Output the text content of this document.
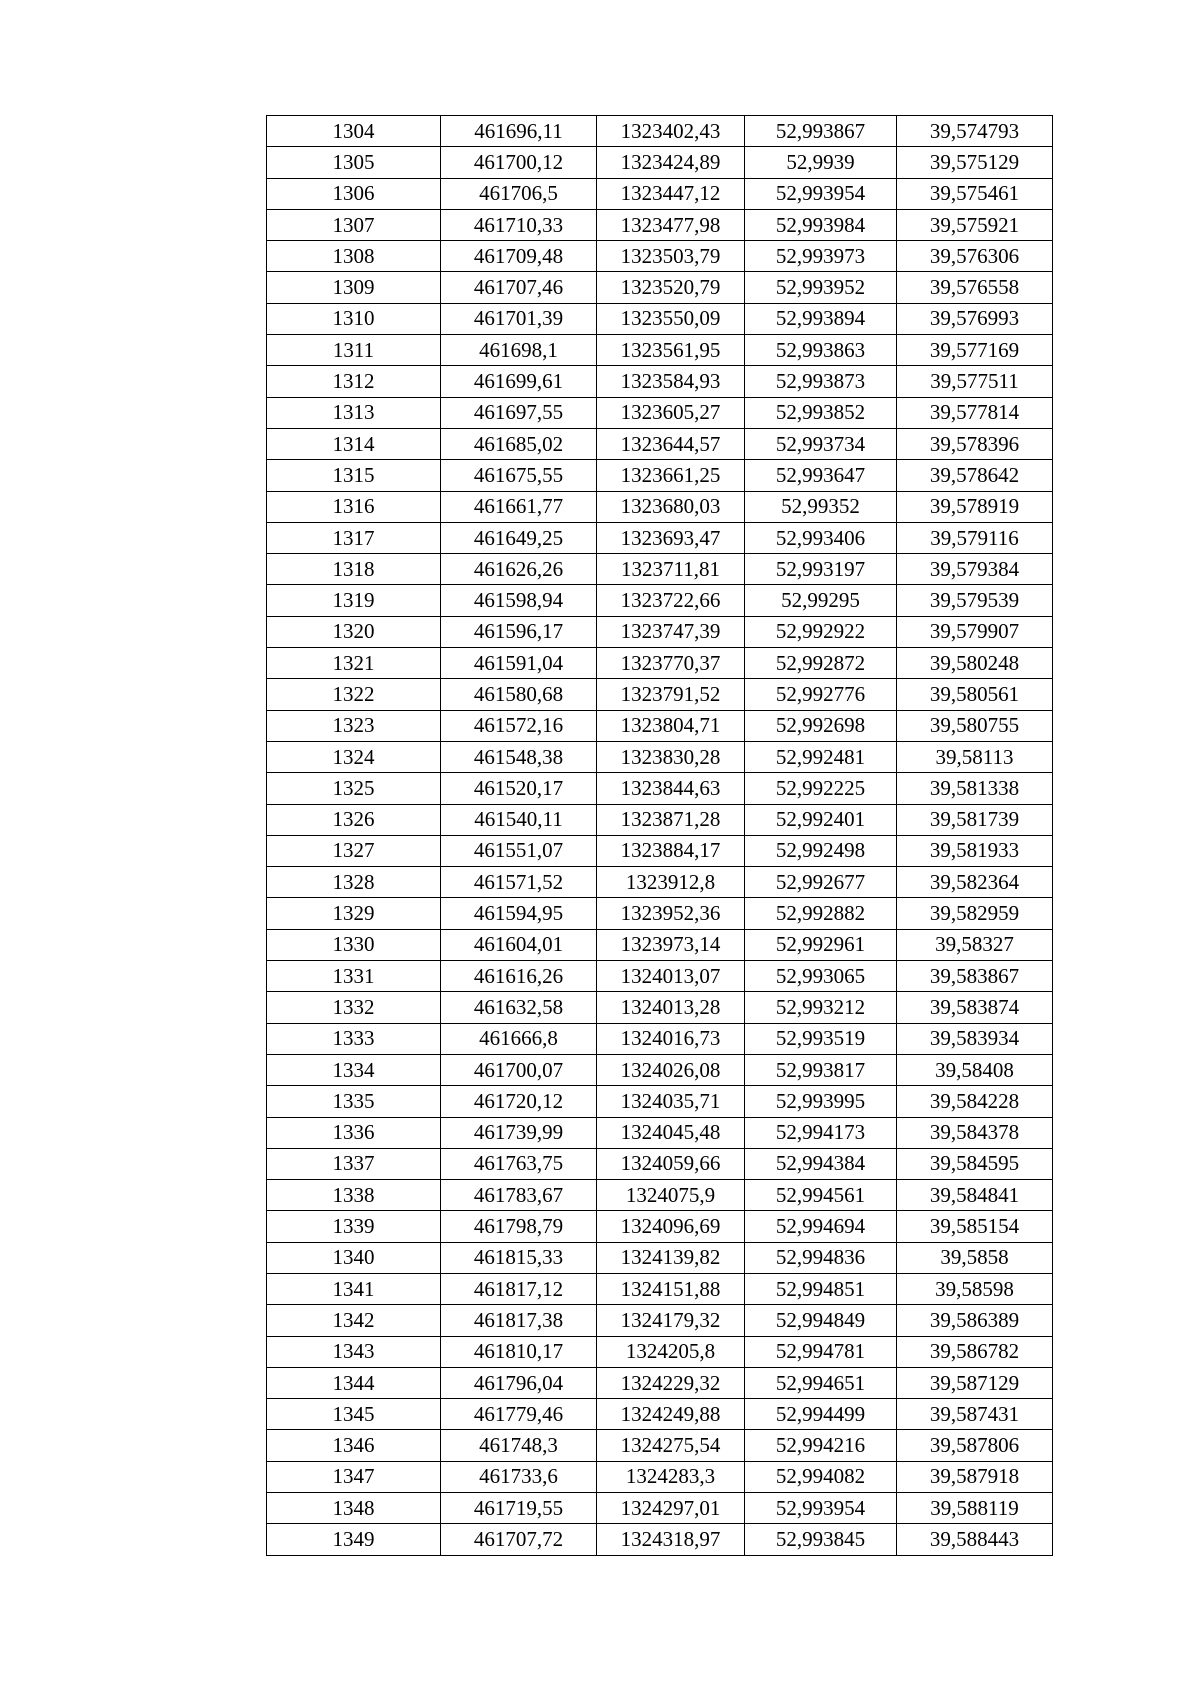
1304	461696,11	1323402,43	52,993867	39,574793
1305	461700,12	1323424,89	52,9939	39,575129
1306	461706,5	1323447,12	52,993954	39,575461
1307	461710,33	1323477,98	52,993984	39,575921
1308	461709,48	1323503,79	52,993973	39,576306
1309	461707,46	1323520,79	52,993952	39,576558
1310	461701,39	1323550,09	52,993894	39,576993
1311	461698,1	1323561,95	52,993863	39,577169
1312	461699,61	1323584,93	52,993873	39,577511
1313	461697,55	1323605,27	52,993852	39,577814
1314	461685,02	1323644,57	52,993734	39,578396
1315	461675,55	1323661,25	52,993647	39,578642
1316	461661,77	1323680,03	52,99352	39,578919
1317	461649,25	1323693,47	52,993406	39,579116
1318	461626,26	1323711,81	52,993197	39,579384
1319	461598,94	1323722,66	52,99295	39,579539
1320	461596,17	1323747,39	52,992922	39,579907
1321	461591,04	1323770,37	52,992872	39,580248
1322	461580,68	1323791,52	52,992776	39,580561
1323	461572,16	1323804,71	52,992698	39,580755
1324	461548,38	1323830,28	52,992481	39,58113
1325	461520,17	1323844,63	52,992225	39,581338
1326	461540,11	1323871,28	52,992401	39,581739
1327	461551,07	1323884,17	52,992498	39,581933
1328	461571,52	1323912,8	52,992677	39,582364
1329	461594,95	1323952,36	52,992882	39,582959
1330	461604,01	1323973,14	52,992961	39,58327
1331	461616,26	1324013,07	52,993065	39,583867
1332	461632,58	1324013,28	52,993212	39,583874
1333	461666,8	1324016,73	52,993519	39,583934
1334	461700,07	1324026,08	52,993817	39,58408
1335	461720,12	1324035,71	52,993995	39,584228
1336	461739,99	1324045,48	52,994173	39,584378
1337	461763,75	1324059,66	52,994384	39,584595
1338	461783,67	1324075,9	52,994561	39,584841
1339	461798,79	1324096,69	52,994694	39,585154
1340	461815,33	1324139,82	52,994836	39,5858
1341	461817,12	1324151,88	52,994851	39,58598
1342	461817,38	1324179,32	52,994849	39,586389
1343	461810,17	1324205,8	52,994781	39,586782
1344	461796,04	1324229,32	52,994651	39,587129
1345	461779,46	1324249,88	52,994499	39,587431
1346	461748,3	1324275,54	52,994216	39,587806
1347	461733,6	1324283,3	52,994082	39,587918
1348	461719,55	1324297,01	52,993954	39,588119
1349	461707,72	1324318,97	52,993845	39,588443
